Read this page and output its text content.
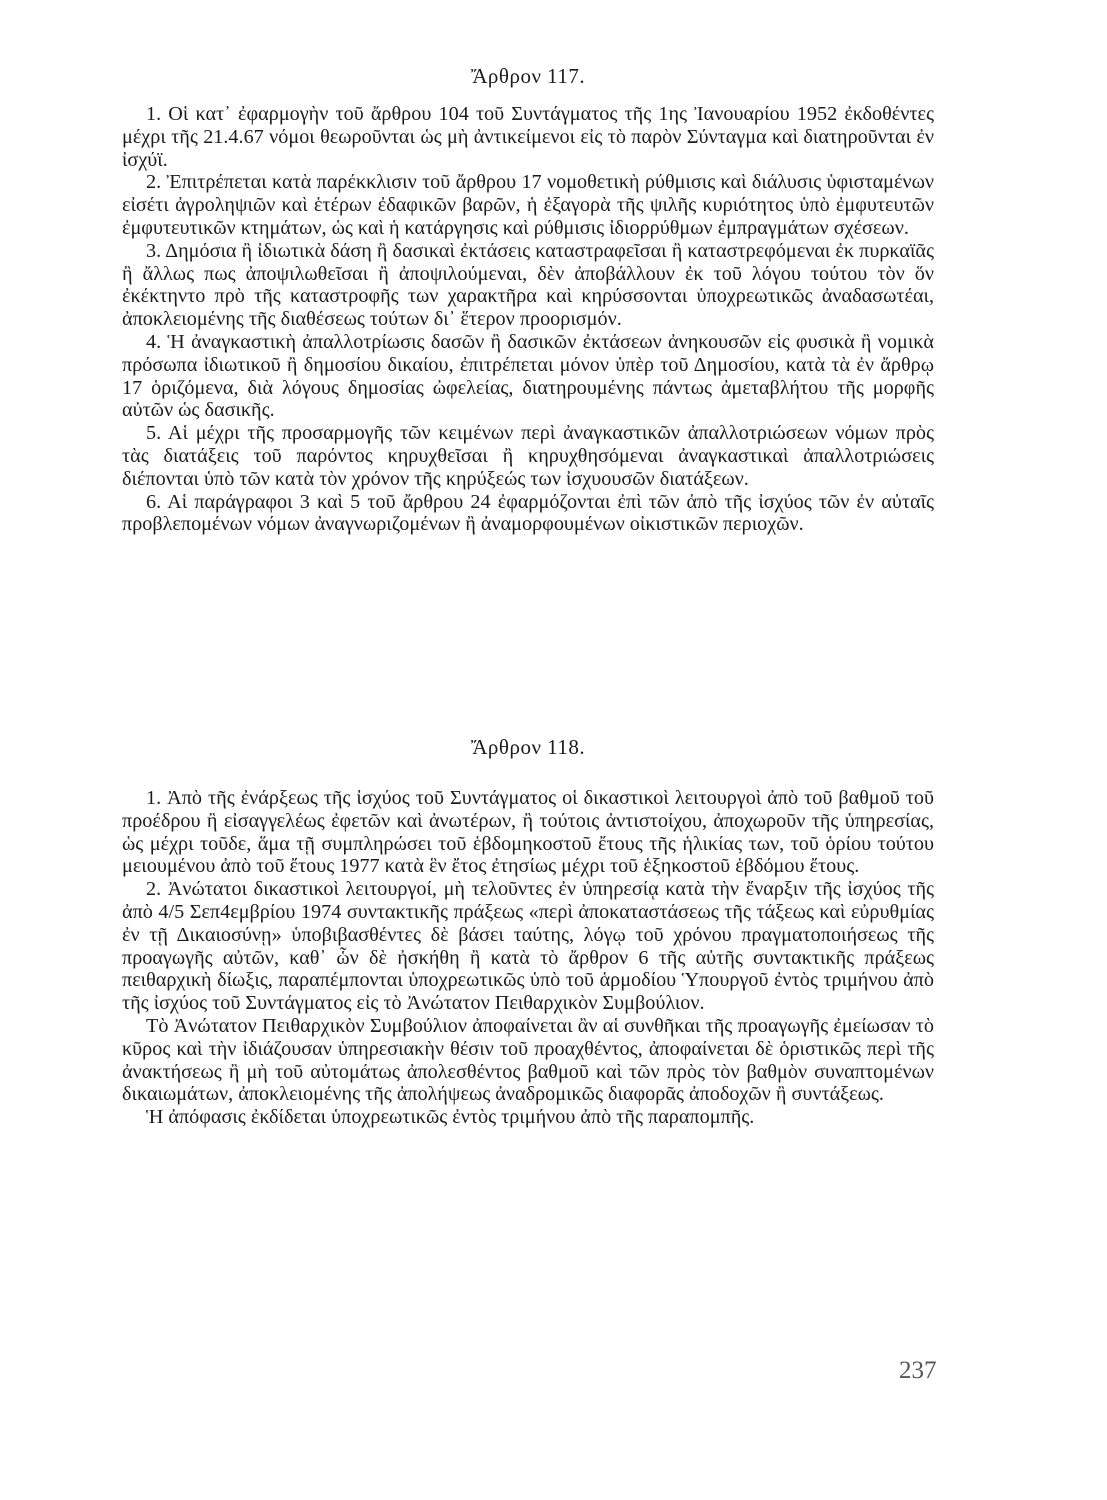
Ἄρθρον 117.

1. Οἱ κατ᾿ ἐφαρμογὴν τοῦ ἄρθρου 104 τοῦ Συντάγματος τῆς 1ης Ἰανουαρίου 1952 ἐκδοθέντες μέχρι τῆς 21.4.67 νόμοι θεωροῦνται ὡς μὴ ἀντικείμενοι εἰς τὸ παρὸν Σύνταγμα καὶ διατηροῦνται ἐν ἰσχύϊ.

2. Ἐπιτρέπεται κατὰ παρέκκλισιν τοῦ ἄρθρου 17 νομοθετικὴ ρύθμισις καὶ διάλυσις ὑφισταμένων εἰσέτι ἀγροληψιῶν καὶ ἑτέρων ἐδαφικῶν βαρῶν, ἡ ἐξαγορὰ τῆς ψιλῆς κυριότητος ὑπὸ ἐμφυτευτῶν ἐμφυτευτικῶν κτημάτων, ὡς καὶ ἡ κατάργησις καὶ ρύθμισις ἰδιορρύθμων ἐμπραγμάτων σχέσεων.

3. Δημόσια ἢ ἰδιωτικὰ δάση ἢ δασικαὶ ἐκτάσεις καταστραφεῖσαι ἢ καταστρεφόμεναι ἐκ πυρκαϊᾶς ἢ ἄλλως πως ἀποψιλωθεῖσαι ἢ ἀποψιλούμεναι, δὲν ἀποβάλλουν ἐκ τοῦ λόγου τούτου τὸν ὅν ἐκέκτηντο πρὸ τῆς καταστροφῆς των χαρακτῆρα καὶ κηρύσσονται ὑποχρεωτικῶς ἀναδασωτέαι, ἀποκλειομένης τῆς διαθέσεως τούτων δι᾿ ἕτερον προορισμόν.

4. Ἡ ἀναγκαστικὴ ἀπαλλοτρίωσις δασῶν ἢ δασικῶν ἐκτάσεων ἀνηκουσῶν εἰς φυσικὰ ἢ νομικὰ πρόσωπα ἰδιωτικοῦ ἢ δημοσίου δικαίου, ἐπιτρέπεται μόνον ὑπὲρ τοῦ Δημοσίου, κατὰ τὰ ἐν ἄρθρῳ 17 ὁριζόμενα, διὰ λόγους δημοσίας ὠφελείας, διατηρουμένης πάντως ἀμεταβλήτου τῆς μορφῆς αὐτῶν ὡς δασικῆς.

5. Αἱ μέχρι τῆς προσαρμογῆς τῶν κειμένων περὶ ἀναγκαστικῶν ἀπαλλοτριώσεων νόμων πρὸς τὰς διατάξεις τοῦ παρόντος κηρυχθεῖσαι ἢ κηρυχθησόμεναι ἀναγκαστικαὶ ἀπαλλοτριώσεις διέπονται ὑπὸ τῶν κατὰ τὸν χρόνον τῆς κηρύξεώς των ἰσχυουσῶν διατάξεων.

6. Αἱ παράγραφοι 3 καὶ 5 τοῦ ἄρθρου 24 ἐφαρμόζονται ἐπὶ τῶν ἀπὸ τῆς ἰσχύος τῶν ἐν αὐταῖς προβλεπομένων νόμων ἀναγνωριζομένων ἢ ἀναμορφουμένων οἰκιστικῶν περιοχῶν.

Ἄρθρον 118.

1. Ἀπὸ τῆς ἐνάρξεως τῆς ἰσχύος τοῦ Συντάγματος οἱ δικαστικοὶ λειτουργοὶ ἀπὸ τοῦ βαθμοῦ τοῦ προέδρου ἢ εἰσαγγελέως ἐφετῶν καὶ ἀνωτέρων, ἢ τούτοις ἀντιστοίχου, ἀποχωροῦν τῆς ὑπηρεσίας, ὡς μέχρι τοῦδε, ἅμα τῇ συμπληρώσει τοῦ ἑβδομηκοστοῦ ἔτους τῆς ἡλικίας των, τοῦ ὁρίου τούτου μειουμένου ἀπὸ τοῦ ἔτους 1977 κατὰ ἓν ἔτος ἐτησίως μέχρι τοῦ ἑξηκοστοῦ ἑβδόμου ἔτους.

2. Ἀνώτατοι δικαστικοὶ λειτουργοί, μὴ τελοῦντες ἐν ὑπηρεσίᾳ κατὰ τὴν ἔναρξιν τῆς ἰσχύος τῆς ἀπὸ 4/5 Σεπ4εμβρίου 1974 συντακτικῆς πράξεως «περὶ ἀποκαταστάσεως τῆς τάξεως καὶ εὐρυθμίας ἐν τῇ Δικαιοσύνῃ» ὑποβιβασθέντες δὲ βάσει ταύτης, λόγῳ τοῦ χρόνου πραγματοποιήσεως τῆς προαγωγῆς αὐτῶν, καθ᾿ ὧν δὲ ἠσκήθη ἢ κατὰ τὸ ἄρθρον 6 τῆς αὐτῆς συντακτικῆς πράξεως πειθαρχικὴ δίωξις, παραπέμπονται ὑποχρεωτικῶς ὑπὸ τοῦ ἁρμοδίου Ὑπουργοῦ ἐντὸς τριμήνου ἀπὸ τῆς ἰσχύος τοῦ Συντάγματος εἰς τὸ Ἀνώτατον Πειθαρχικὸν Συμβούλιον.

Τὸ Ἀνώτατον Πειθαρχικὸν Συμβούλιον ἀποφαίνεται ἂν αἱ συνθῆκαι τῆς προαγωγῆς ἐμείωσαν τὸ κῦρος καὶ τὴν ἰδιάζουσαν ὑπηρεσιακὴν θέσιν τοῦ προαχθέντος, ἀποφαίνεται δὲ ὁριστικῶς περὶ τῆς ἀνακτήσεως ἢ μὴ τοῦ αὐτομάτως ἀπολεσθέντος βαθμοῦ καὶ τῶν πρὸς τὸν βαθμὸν συναπτομένων δικαιωμάτων, ἀποκλειομένης τῆς ἀπολήψεως ἀναδρομικῶς διαφορᾶς ἀποδοχῶν ἢ συντάξεως.

Ἡ ἀπόφασις ἐκδίδεται ὑποχρεωτικῶς ἐντὸς τριμήνου ἀπὸ τῆς παραπομπῆς.

237
